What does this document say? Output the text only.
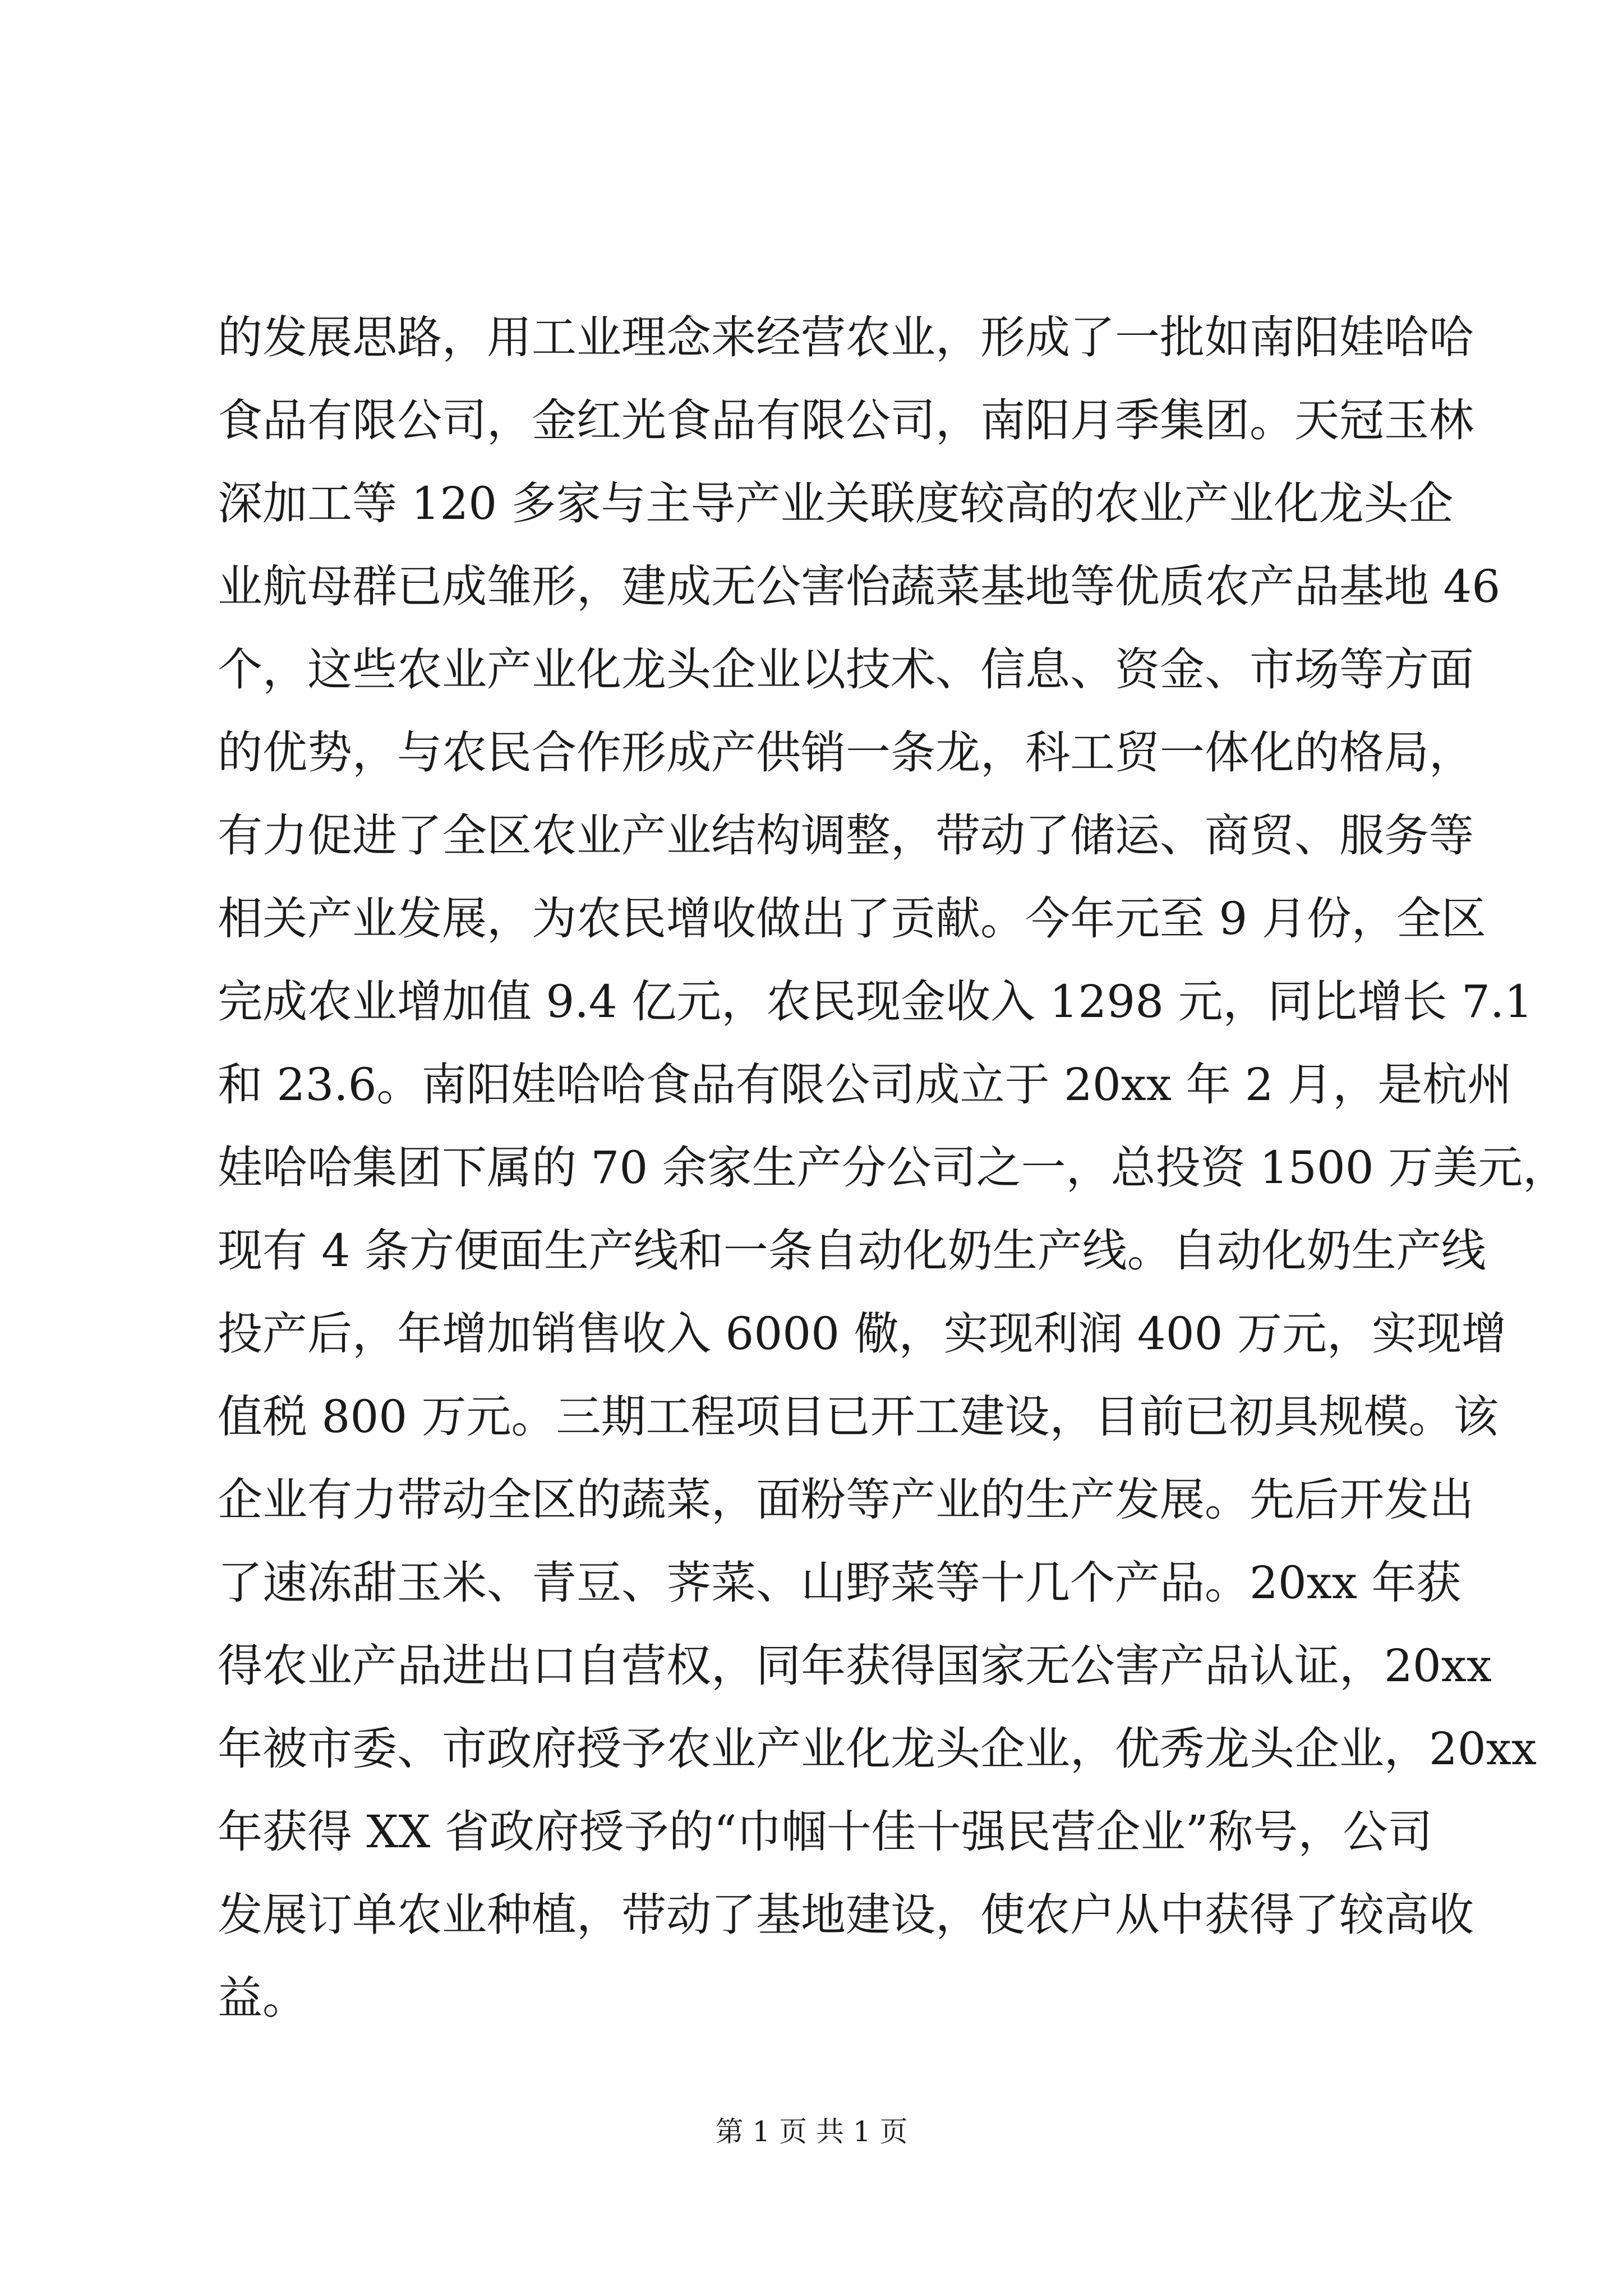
的发展思路，用工业理念来经营农业，形成了一批如南阳娃哈哈
食品有限公司，金红光食品有限公司，南阳月季集团。天冠玉林
深加工等 120 多家与主导产业关联度较高的农业产业化龙头企
业航母群已成雏形，建成无公害怡蔬菜基地等优质农产品基地 46
个，这些农业产业化龙头企业以技术、信息、资金、市场等方面
的优势，与农民合作形成产供销一条龙，科工贸一体化的格局，
有力促进了全区农业产业结构调整，带动了储运、商贸、服务等
相关产业发展，为农民增收做出了贡献。今年元至 9 月份，全区
完成农业增加值 9.4 亿元，农民现金收入 1298 元，同比增长 7.1
和 23.6。南阳娃哈哈食品有限公司成立于 20xx 年 2 月，是杭州
娃哈哈集团下属的 70 余家生产分公司之一，总投资 1500 万美元，
现有 4 条方便面生产线和一条自动化奶生产线。自动化奶生产线
投产后，年增加销售收入 6000 儆，实现利润 400 万元，实现增
值税 800 万元。三期工程项目已开工建设，目前已初具规模。该
企业有力带动全区的蔬菜，面粉等产业的生产发展。先后开发出
了速冻甜玉米、青豆、荠菜、山野菜等十几个产品。20xx 年获
得农业产品进出口自营权，同年获得国家无公害产品认证，20xx
年被市委、市政府授予农业产业化龙头企业，优秀龙头企业，20xx
年获得 XX 省政府授予的“巾帼十佳十强民营企业”称号，公司
发展订单农业种植，带动了基地建设，使农户从中获得了较高收
益。
第 1 页 共 1 页
